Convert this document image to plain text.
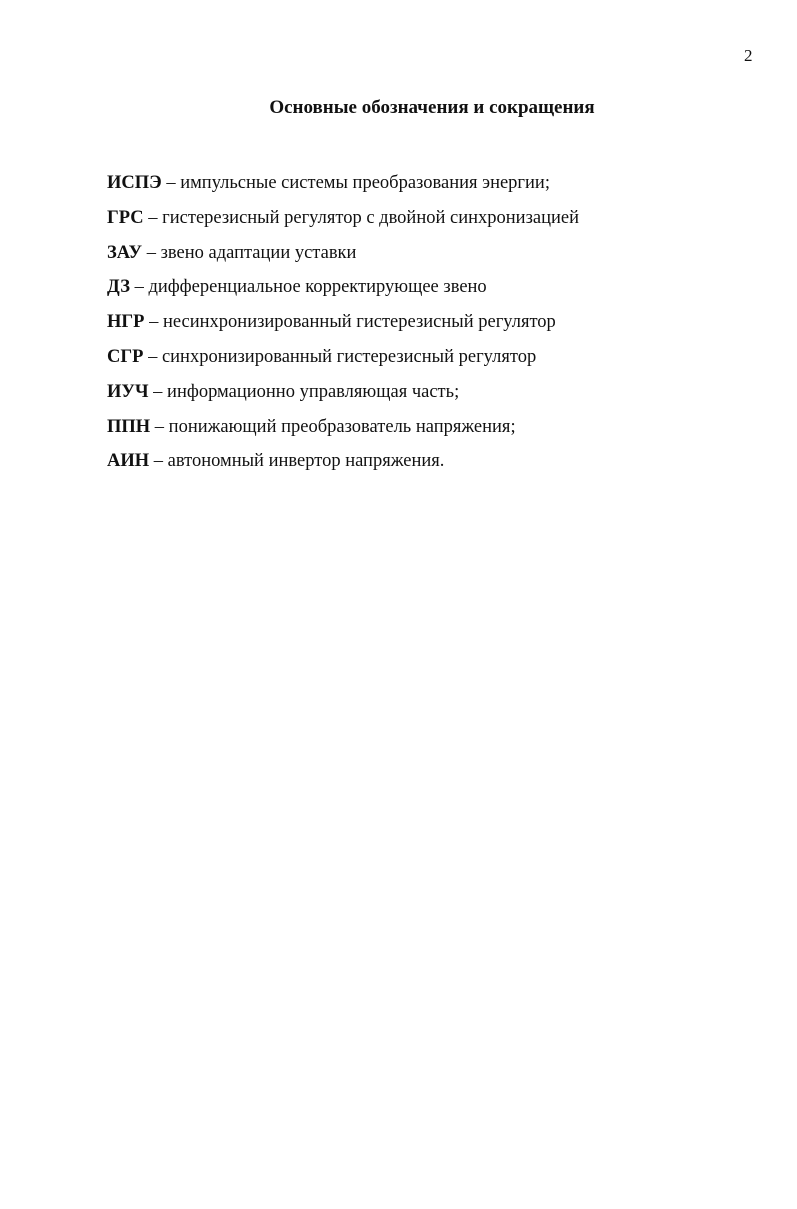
2
Основные обозначения и сокращения
ИСПЭ – импульсные системы преобразования энергии;
ГРС – гистерезисный регулятор с двойной синхронизацией
ЗАУ – звено адаптации уставки
ДЗ – дифференциальное корректирующее звено
НГР – несинхронизированный гистерезисный регулятор
СГР – синхронизированный гистерезисный регулятор
ИУЧ – информационно управляющая часть;
ППН – понижающий преобразователь напряжения;
АИН – автономный инвертор напряжения.
